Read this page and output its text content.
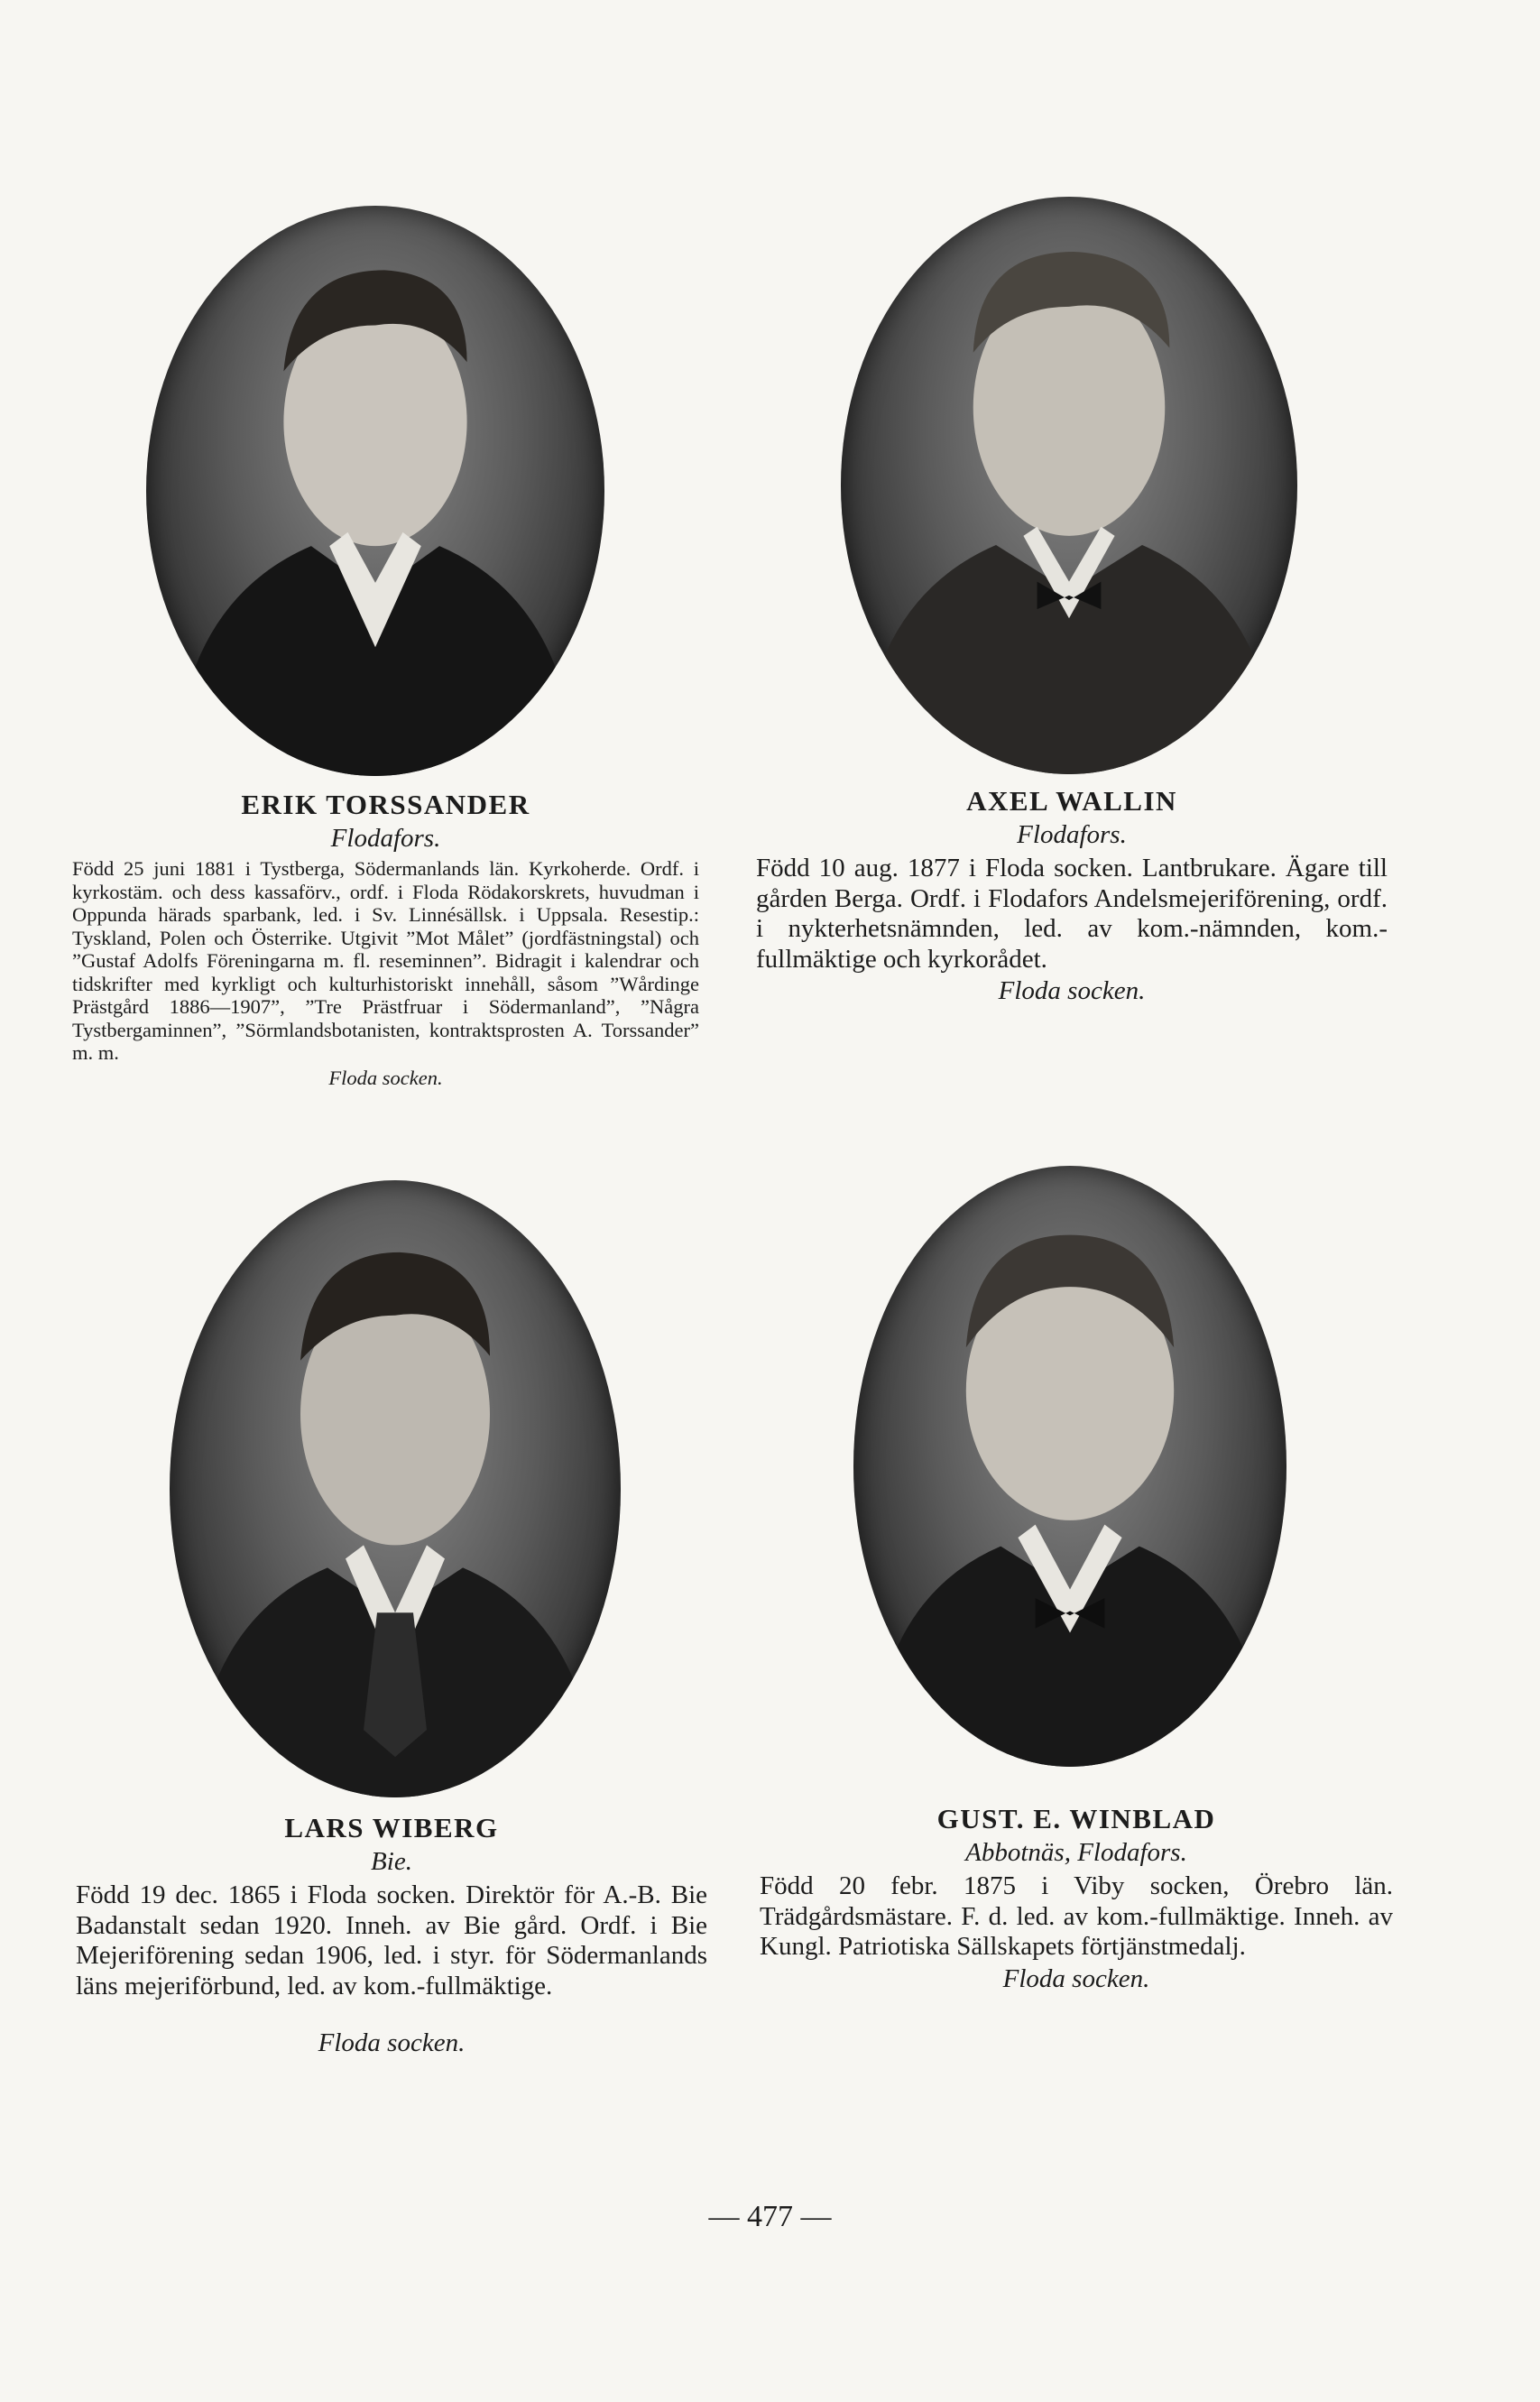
ERIK TORSSANDER

Flodafors.

Född 25 juni 1881 i Tystberga, Södermanlands län. Kyrkoherde. Ordf. i kyrkostäm. och dess kassaförv., ordf. i Floda Rödakorskrets, huvudman i Oppunda härads sparbank, led. i Sv. Linnésällsk. i Uppsala. Resestip.: Tyskland, Polen och Österrike. Utgivit ”Mot Målet” (jordfästningstal) och ”Gustaf Adolfs Föreningarna m. fl. reseminnen”. Bidragit i kalendrar och tidskrifter med kyrkligt och kulturhistoriskt innehåll, såsom ”Wårdinge Prästgård 1886—1907”, ”Tre Prästfruar i Södermanland”, ”Några Tystbergaminnen”, ”Sörmlandsbotanisten, kontraktsprosten A. Torssander” m. m.

Floda socken.

AXEL WALLIN

Flodafors.

Född 10 aug. 1877 i Floda socken. Lantbrukare. Ägare till gården Berga. Ordf. i Flodafors Andelsmejeriförening, ordf. i nykterhetsnämnden, led. av kom.-nämnden, kom.-fullmäktige och kyrkorådet.

Floda socken.

LARS WIBERG

Bie.

Född 19 dec. 1865 i Floda socken. Direktör för A.-B. Bie Badanstalt sedan 1920. Inneh. av Bie gård. Ordf. i Bie Mejeriförening sedan 1906, led. i styr. för Södermanlands läns mejeriförbund, led. av kom.-fullmäktige.

Floda socken.

GUST. E. WINBLAD

Abbotnäs, Flodafors.

Född 20 febr. 1875 i Viby socken, Örebro län. Trädgårdsmästare. F. d. led. av kom.-fullmäktige. Inneh. av Kungl. Patriotiska Sällskapets förtjänstmedalj.

Floda socken.

— 477 —
